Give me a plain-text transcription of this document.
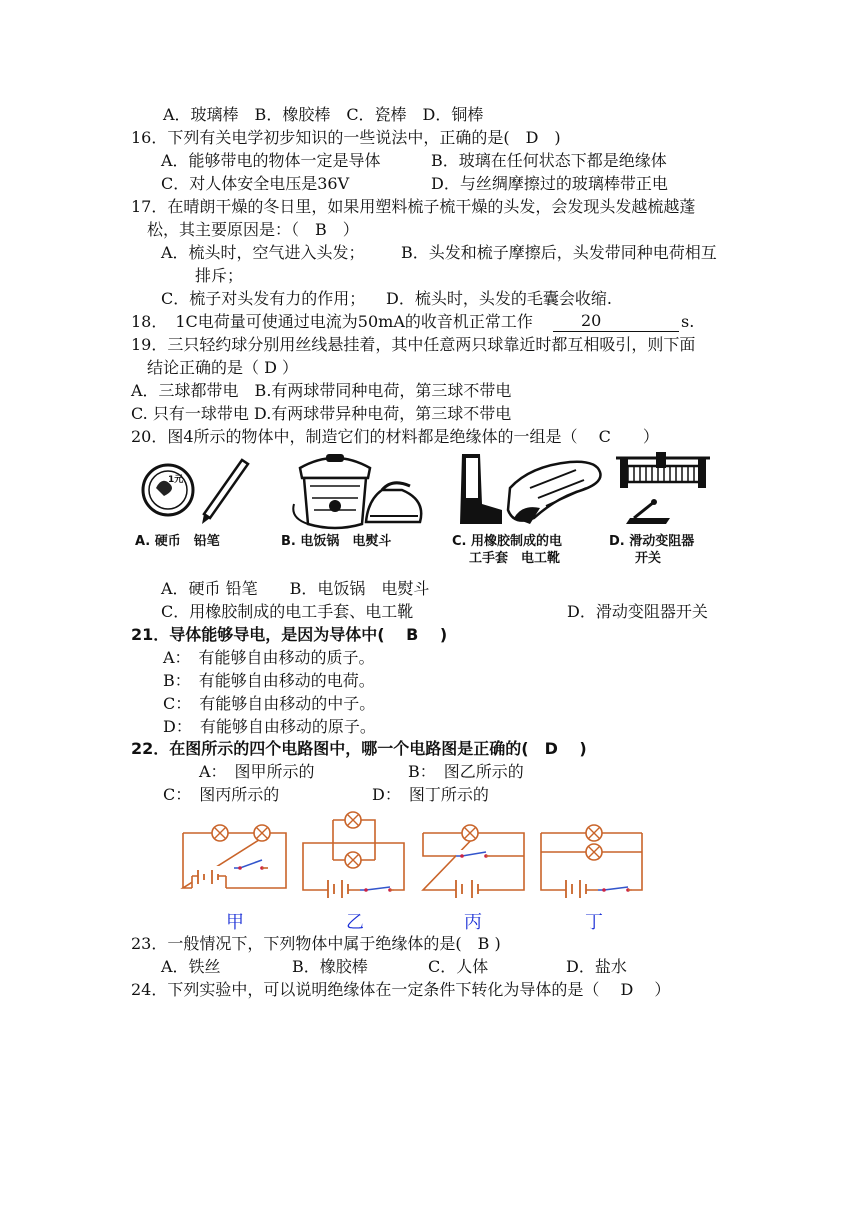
A．玻璃棒　B．橡胶棒　C．瓷棒　D．铜棒
16．下列有关电学初步知识的一些说法中，正确的是(　D　)
A．能够带电的物体一定是导体	B．玻璃在任何状态下都是绝缘体
C．对人体安全电压是36V	D．与丝绸摩擦过的玻璃棒带正电
17．在晴朗干燥的冬日里，如果用塑料梳子梳干燥的头发，会发现头发越梳越蓬
松，其主要原因是：（　B　）
A．梳头时，空气进入头发； B．头发和梳子摩擦后，头发带同种电荷相互
排斥；
C．梳子对头发有力的作用； D．梳头时，头发的毛囊会收缩.
18．　1C电荷量可使通过电流为50mA的收音机正常工作	20	s.
19．三只轻约球分别用丝线悬挂着，其中任意两只球靠近时都互相吸引，则下面
结论正确的是（ D ）
A．三球都带电　B.有两球带同种电荷，第三球不带电
C. 只有一球带电 D.有两球带异种电荷，第三球不带电
20．图4所示的物体中，制造它们的材料都是绝缘体的一组是（　 C　　）
1元
A. 硬币　铅笔	B. 电饭锅　电熨斗	C. 用橡胶制成的电
工手套　电工靴
D. 滑动变阻器
开关
A．硬币 铅笔　　B．电饭锅　电熨斗
C．用橡胶制成的电工手套、电工靴	D．滑动变阻器开关
21．导体能够导电，是因为导体中(　 B　 )
A：　有能够自由移动的质子。
B：　有能够自由移动的电荷。
C：　有能够自由移动的中子。
D：　有能够自由移动的原子。
22．在图所示的四个电路图中，哪一个电路图是正确的(　D　 )
A：　图甲所示的	B：　图乙所示的
C：　图丙所示的	D：　图丁所示的
甲	乙	丙	丁
23．一般情况下，下列物体中属于绝缘体的是(　B )
A．铁丝	B．橡胶棒	C．人体	D．盐水
24．下列实验中，可以说明绝缘体在一定条件下转化为导体的是（　 D　 ）
